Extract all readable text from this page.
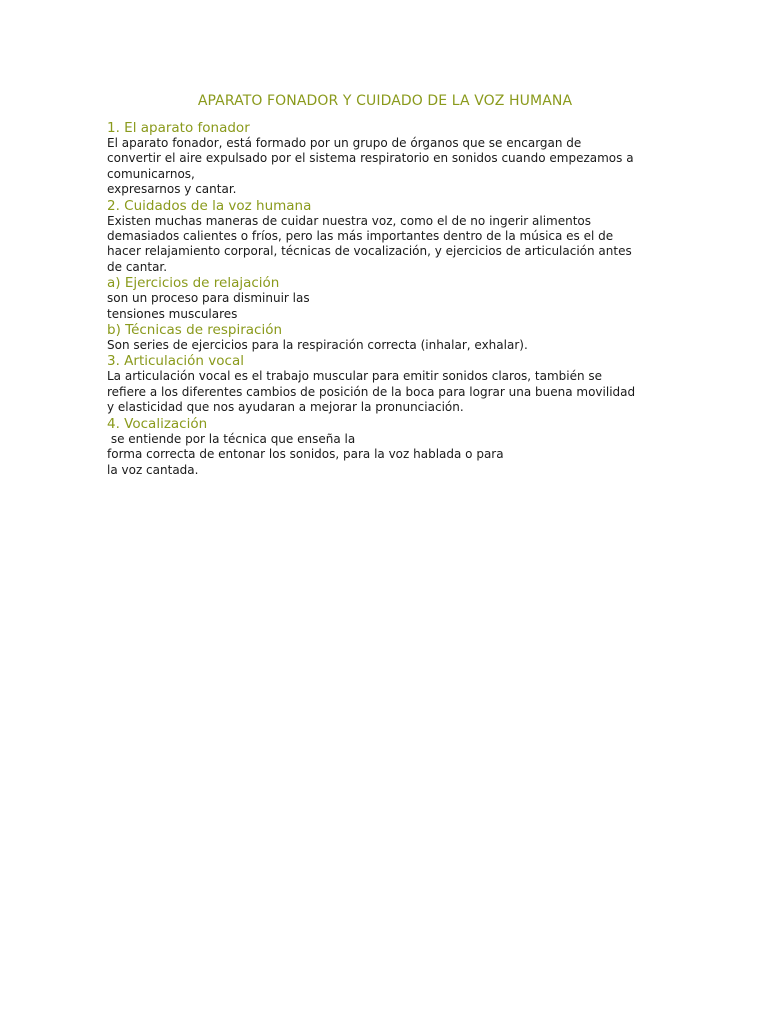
APARATO FONADOR Y CUIDADO DE LA VOZ HUMANA
1. El aparato fonador

El aparato fonador, está formado por un grupo de órganos que se encargan de

convertir el aire expulsado por el sistema respiratorio en sonidos cuando empezamos a

comunicarnos,

expresarnos y cantar.

2. Cuidados de la voz humana

Existen muchas maneras de cuidar nuestra voz, como el de no ingerir alimentos

demasiados calientes o fríos, pero las más importantes dentro de la música es el de

hacer relajamiento corporal, técnicas de vocalización, y ejercicios de articulación antes

de cantar.

a) Ejercicios de relajación

son un proceso para disminuir las

tensiones musculares

b) Técnicas de respiración

Son series de ejercicios para la respiración correcta (inhalar, exhalar).

3. Articulación vocal

La articulación vocal es el trabajo muscular para emitir sonidos claros, también se

refiere a los diferentes cambios de posición de la boca para lograr una buena movilidad

y elasticidad que nos ayudaran a mejorar la pronunciación.

4. Vocalización

se entiende por la técnica que enseña la

forma correcta de entonar los sonidos, para la voz hablada o para

la voz cantada.
